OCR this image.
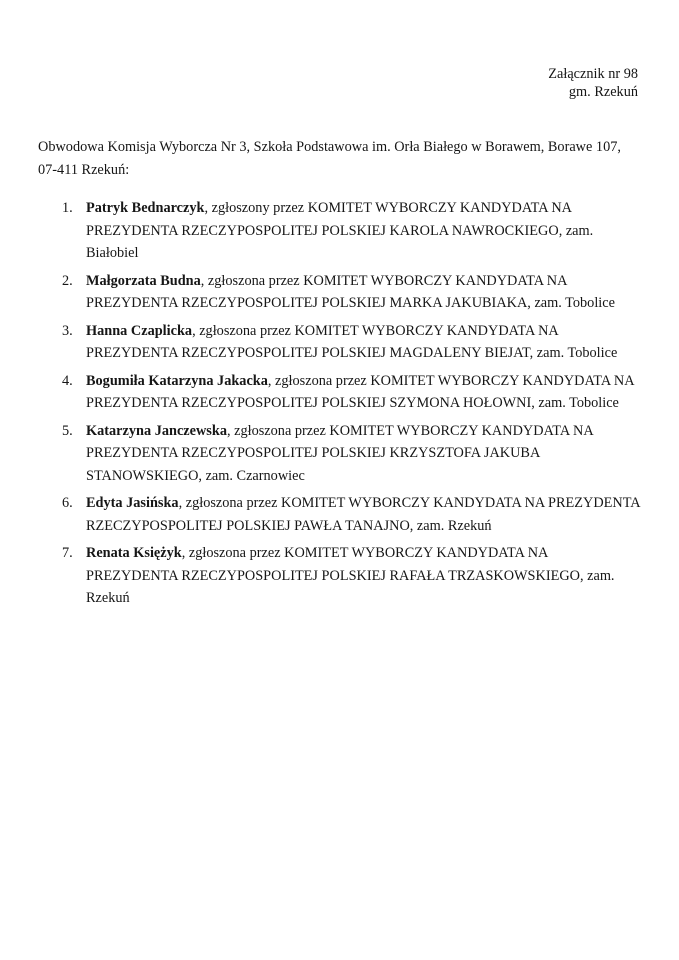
Załącznik nr 98
gm. Rzekuń

Obwodowa Komisja Wyborcza Nr 3, Szkoła Podstawowa im. Orła Białego w Borawem, Borawe 107, 07-411 Rzekuń:

1. Patryk Bednarczyk, zgłoszony przez KOMITET WYBORCZY KANDYDATA NA PREZYDENTA RZECZYPOSPOLITEJ POLSKIEJ KAROLA NAWROCKIEGO, zam. Białobiel
2. Małgorzata Budna, zgłoszona przez KOMITET WYBORCZY KANDYDATA NA PREZYDENTA RZECZYPOSPOLITEJ POLSKIEJ MARKA JAKUBIAKA, zam. Tobolice
3. Hanna Czaplicka, zgłoszona przez KOMITET WYBORCZY KANDYDATA NA PREZYDENTA RZECZYPOSPOLITEJ POLSKIEJ MAGDALENY BIEJAT, zam. Tobolice
4. Bogumiła Katarzyna Jakacka, zgłoszona przez KOMITET WYBORCZY KANDYDATA NA PREZYDENTA RZECZYPOSPOLITEJ POLSKIEJ SZYMONA HOŁOWNI, zam. Tobolice
5. Katarzyna Janczewska, zgłoszona przez KOMITET WYBORCZY KANDYDATA NA PREZYDENTA RZECZYPOSPOLITEJ POLSKIEJ KRZYSZTOFA JAKUBA STANOWSKIEGO, zam. Czarnowiec
6. Edyta Jasińska, zgłoszona przez KOMITET WYBORCZY KANDYDATA NA PREZYDENTA RZECZYPOSPOLITEJ POLSKIEJ PAWŁA TANAJNO, zam. Rzekuń
7. Renata Księżyk, zgłoszona przez KOMITET WYBORCZY KANDYDATA NA PREZYDENTA RZECZYPOSPOLITEJ POLSKIEJ RAFAŁA TRZASKOWSKIEGO, zam. Rzekuń
